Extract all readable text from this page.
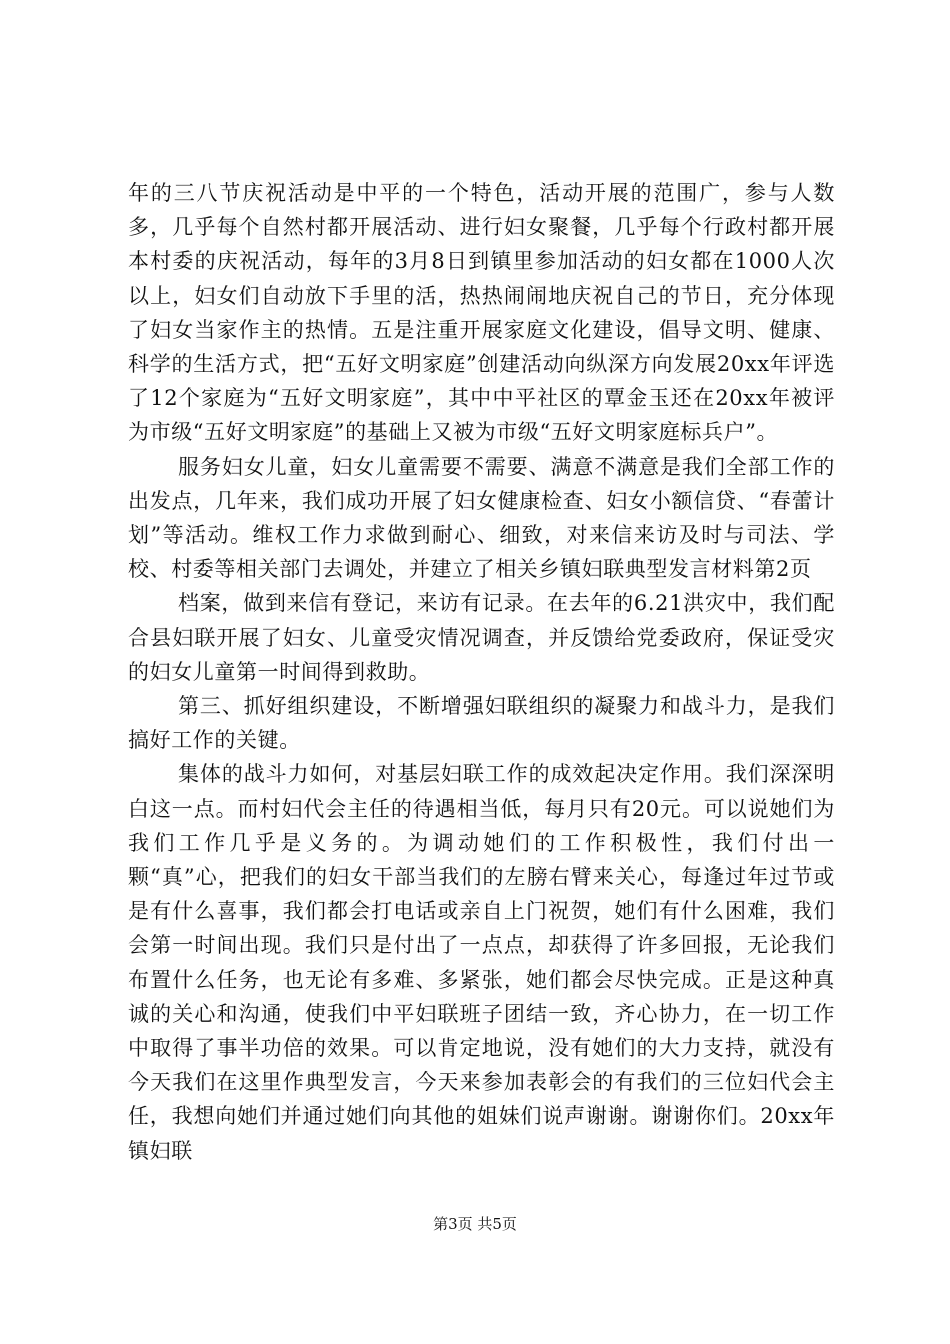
年的三八节庆祝活动是中平的一个特色，活动开展的范围广，参与人数多，几乎每个自然村都开展活动、进行妇女聚餐，几乎每个行政村都开展本村委的庆祝活动，每年的3月8日到镇里参加活动的妇女都在1000人次以上，妇女们自动放下手里的活，热热闹闹地庆祝自己的节日，充分体现了妇女当家作主的热情。五是注重开展家庭文化建设，倡导文明、健康、科学的生活方式，把“五好文明家庭”创建活动向纵深方向发展20xx年评选了12个家庭为“五好文明家庭”，其中中平社区的覃金玉还在20xx年被评为市级“五好文明家庭”的基础上又被为市级“五好文明家庭标兵户”。

服务妇女儿童，妇女儿童需要不需要、满意不满意是我们全部工作的出发点，几年来，我们成功开展了妇女健康检查、妇女小额信贷、“春蕾计划”等活动。维权工作力求做到耐心、细致，对来信来访及时与司法、学校、村委等相关部门去调处，并建立了相关乡镇妇联典型发言材料第2页

档案，做到来信有登记，来访有记录。在去年的6.21洪灾中，我们配合县妇联开展了妇女、儿童受灾情况调查，并反馈给党委政府，保证受灾的妇女儿童第一时间得到救助。

第三、抓好组织建设，不断增强妇联组织的凝聚力和战斗力，是我们搞好工作的关键。

集体的战斗力如何，对基层妇联工作的成效起决定作用。我们深深明白这一点。而村妇代会主任的待遇相当低，每月只有20元。可以说她们为我们工作几乎是义务的。为调动她们的工作积极性，我们付出一颗“真”心，把我们的妇女干部当我们的左膀右臂来关心，每逢过年过节或是有什么喜事，我们都会打电话或亲自上门祝贺，她们有什么困难，我们会第一时间出现。我们只是付出了一点点，却获得了许多回报，无论我们布置什么任务，也无论有多难、多紧张，她们都会尽快完成。正是这种真诚的关心和沟通，使我们中平妇联班子团结一致，齐心协力，在一切工作中取得了事半功倍的效果。可以肯定地说，没有她们的大力支持，就没有今天我们在这里作典型发言，今天来参加表彰会的有我们的三位妇代会主任，我想向她们并通过她们向其他的姐妹们说声谢谢。谢谢你们。20xx年镇妇联

第3页 共5页
